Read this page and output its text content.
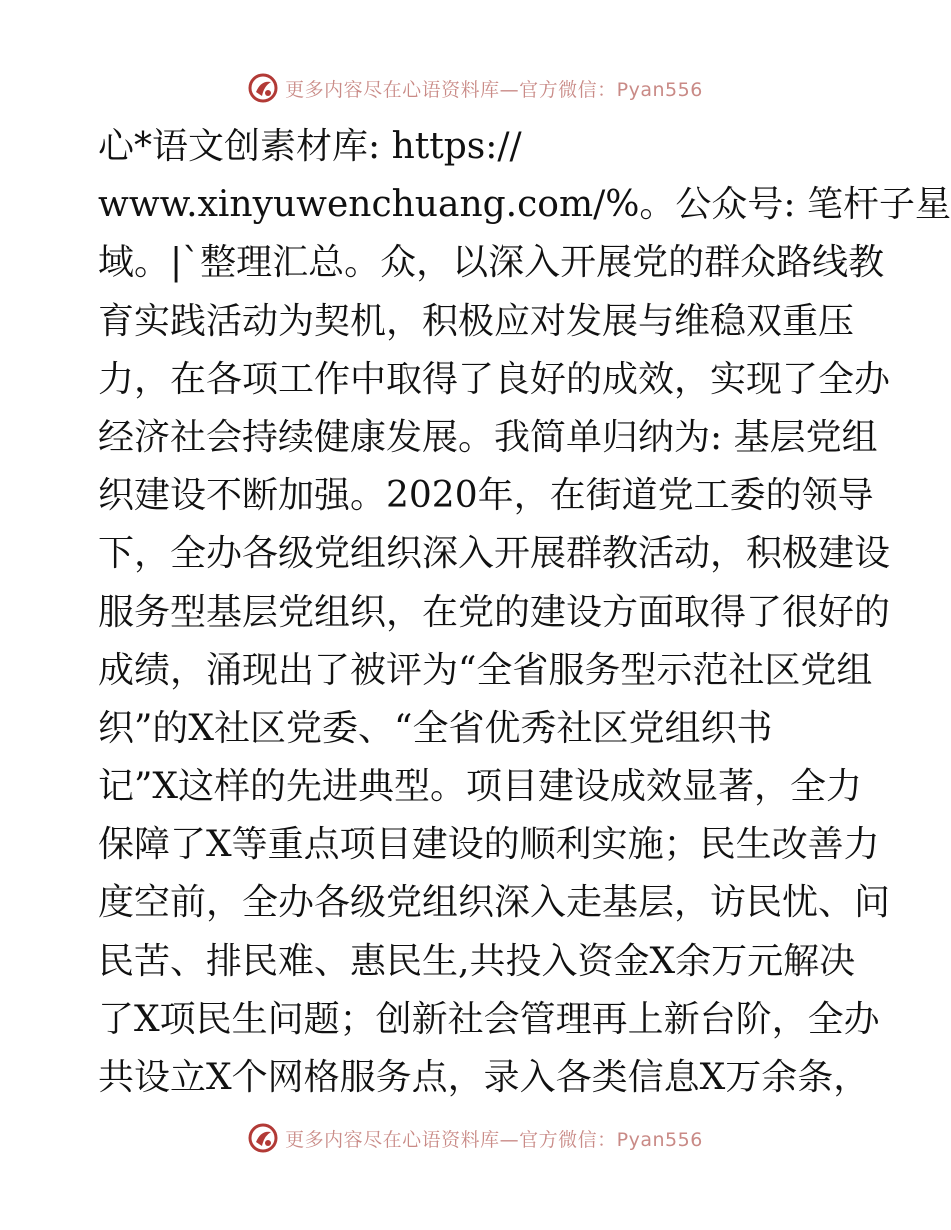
更多内容尽在心语资料库—官方微信：Pyan556
心*语文创素材库: https://
www.xinyuwenchuang.com/%。公众号: 笔杆子星
域。|`整理汇总。众，以深入开展党的群众路线教
育实践活动为契机，积极应对发展与维稳双重压
力，在各项工作中取得了良好的成效，实现了全办
经济社会持续健康发展。我简单归纳为: 基层党组
织建设不断加强。2020年，在街道党工委的领导
下，全办各级党组织深入开展群教活动，积极建设
服务型基层党组织，在党的建设方面取得了很好的
成绩，涌现出了被评为“全省服务型示范社区党组
织”的X社区党委、“全省优秀社区党组织书
记”X这样的先进典型。项目建设成效显著，全力
保障了X等重点项目建设的顺利实施；民生改善力
度空前，全办各级党组织深入走基层，访民忧、问
民苦、排民难、惠民生,共投入资金X余万元解决
了X项民生问题；创新社会管理再上新台阶，全办
共设立X个网格服务点，录入各类信息X万余条，
更多内容尽在心语资料库—官方微信：Pyan556
